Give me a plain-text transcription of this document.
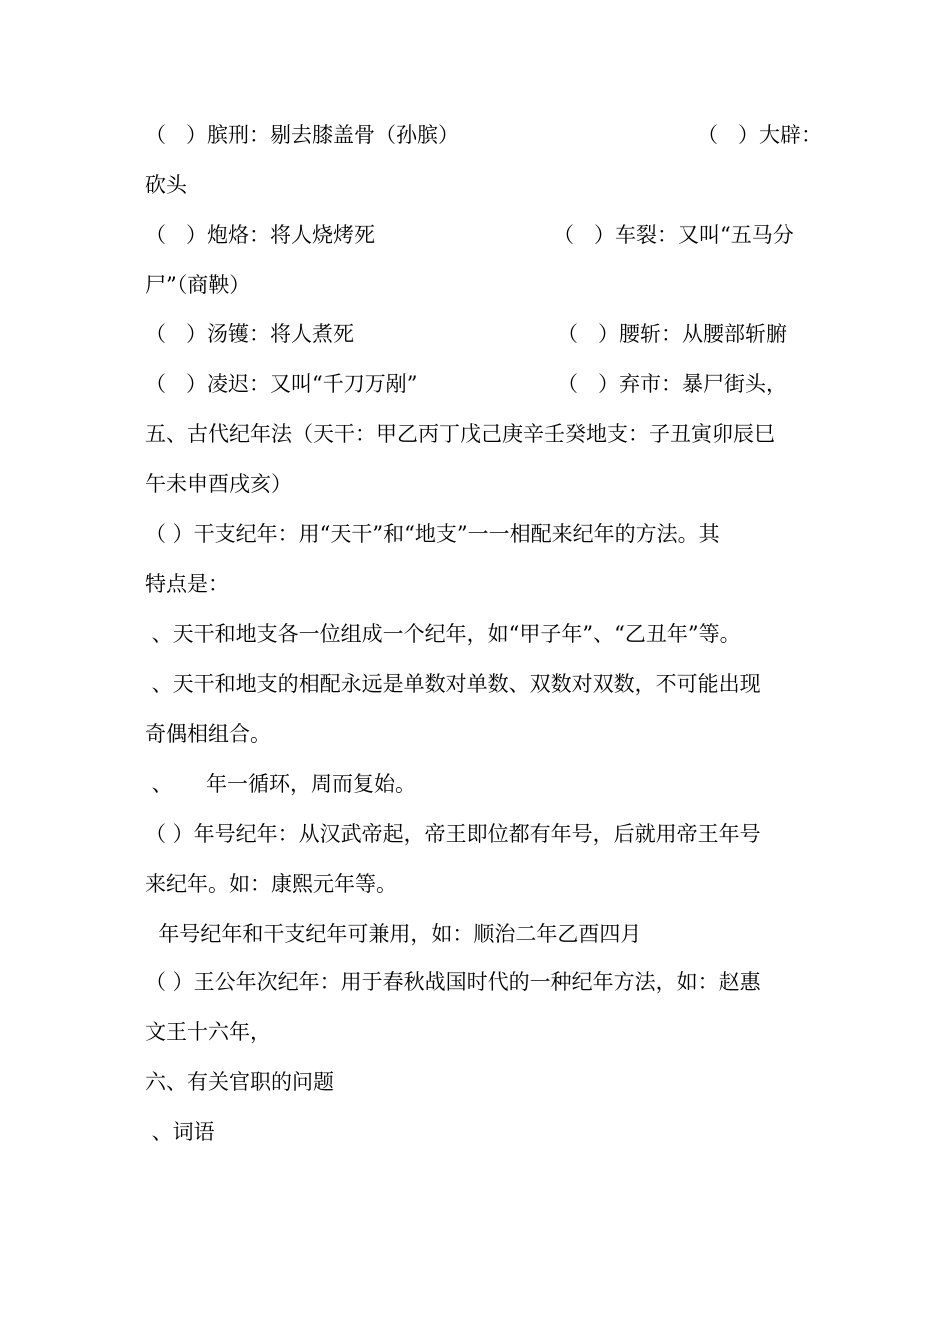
（   ）膑刑：剔去膝盖骨（孙膑）	（   ）大辟：
砍头
（   ）炮烙：将人烧烤死	（   ）车裂：又叫“五马分
尸”（商鞅）
（   ）汤镬：将人煮死	（   ）腰斩：从腰部斩腑
（   ）凌迟：又叫“千刀万剐”	（   ）弃市：暴尸街头，
五、古代纪年法（天干：甲乙丙丁戊己庚辛壬癸地支：子丑寅卯辰巳
午未申酉戌亥）
（ ）干支纪年：用“天干”和“地支”一一相配来纪年的方法。其
特点是：
、天干和地支各一位组成一个纪年，如“甲子年”、“乙丑年”等。
、天干和地支的相配永远是单数对单数、双数对双数，不可能出现
奇偶相组合。
、     年一循环，周而复始。
（ ）年号纪年：从汉武帝起，帝王即位都有年号，后就用帝王年号
来纪年。如：康熙元年等。
年号纪年和干支纪年可兼用，如：顺治二年乙酉四月
（ ）王公年次纪年：用于春秋战国时代的一种纪年方法，如：赵惠
文王十六年，
六、有关官职的问题
、词语
